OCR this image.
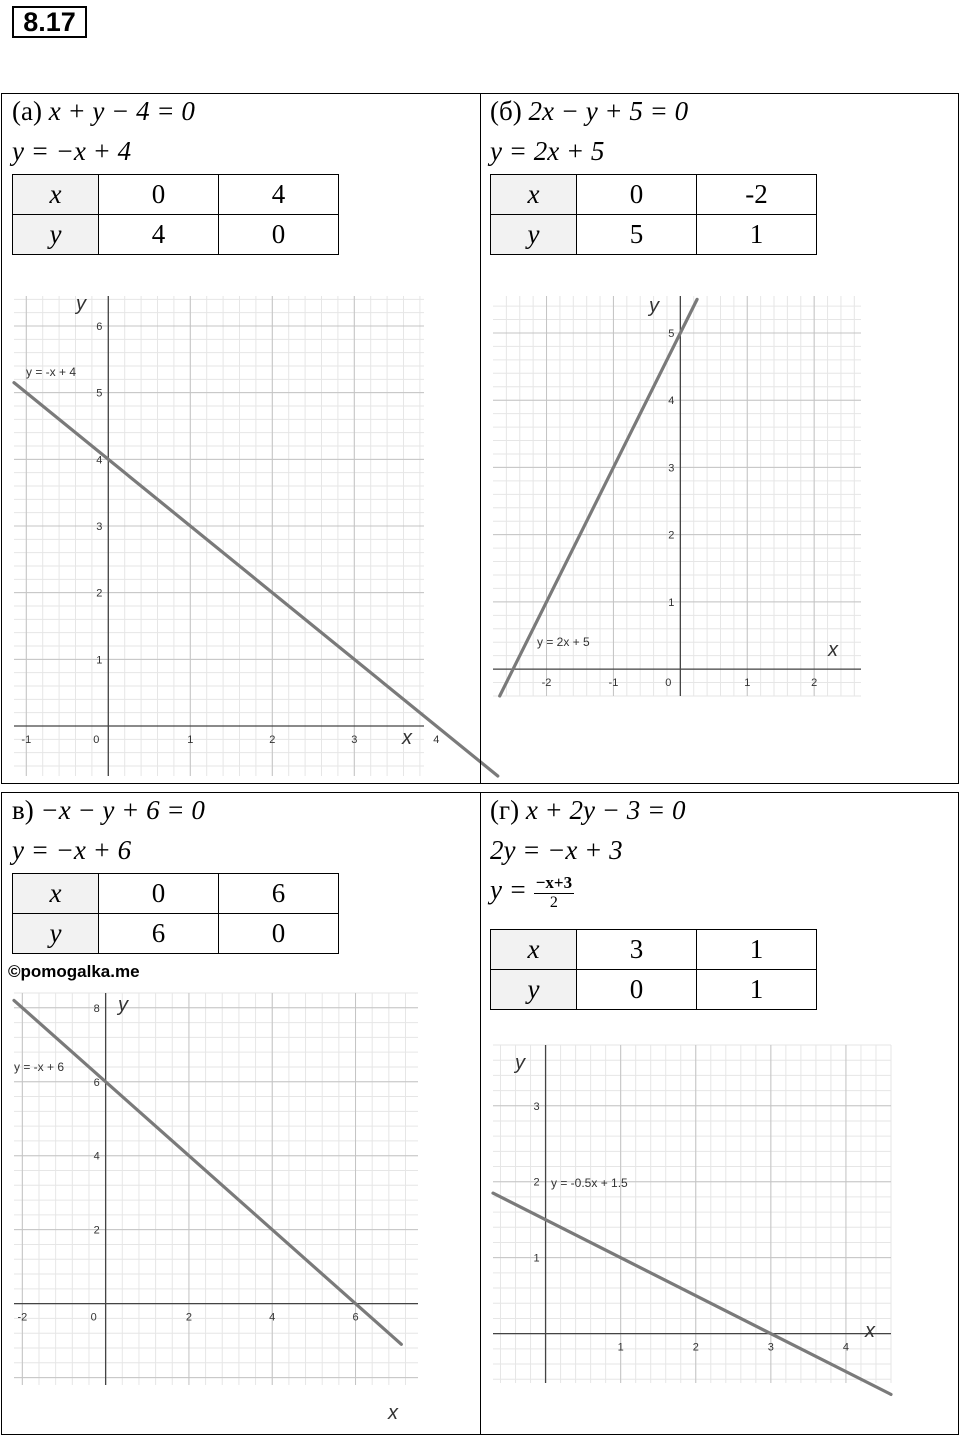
8.17
(а) x + y − 4 = 0
y = −x + 4
x	0	4
y	4	0
-1	0	1	2	3	4
1
2
3
4
5
6
x
y
y = -x + 4
(б) 2x − y + 5 = 0
y = 2x + 5
x	0	-2
y	5	1
-2	-1	0	1	2
1
2
3
4
5
x
y
y = 2x + 5
в) −x − y + 6 = 0
y = −x + 6
x	0	6
y	6	0
©pomogalka.me
-2	0	2	4	6
2
4
6
8
x
y
y = -x + 6
(г) x + 2y − 3 = 0
2y = −x + 3
$y = \frac{-x+3}{2}$
x	3	1
y	0	1
1	2	3	4
1
2
3
x
y
y = -0.5x + 1.5
